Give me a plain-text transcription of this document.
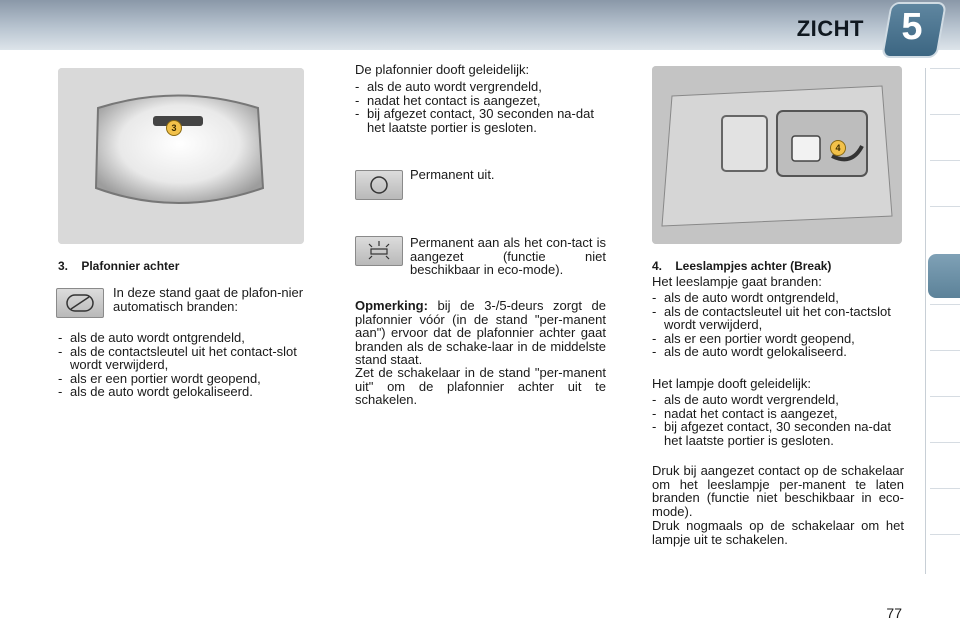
ZICHT 5
3
3.    Plafonnier achter
In deze stand gaat de plafon-nier automatisch branden:
- als de auto wordt ontgrendeld,
- als de contactsleutel uit het contact-slot wordt verwijderd,
- als er een portier wordt geopend,
- als de auto wordt gelokaliseerd.
De plafonnier dooft geleidelijk:
- als de auto wordt vergrendeld,
- nadat het contact is aangezet,
- bij afgezet contact, 30 seconden na-dat het laatste portier is gesloten.
Permanent uit.
Permanent aan als het con-tact is aangezet (functie niet beschikbaar in eco-mode).
Opmerking: bij de 3-/5-deurs zorgt de plafonnier vóór (in de stand "per-manent aan") ervoor dat de plafonnier achter gaat branden als de schake-laar in de middelste stand staat.
Zet de schakelaar in de stand "per-manent uit" om de plafonnier achter uit te schakelen.
4
4.    Leeslampjes achter (Break)
Het leeslampje gaat branden:
- als de auto wordt ontgrendeld,
- als de contactsleutel uit het con-tactslot wordt verwijderd,
- als er een portier wordt geopend,
- als de auto wordt gelokaliseerd.
Het lampje dooft geleidelijk:
- als de auto wordt vergrendeld,
- nadat het contact is aangezet,
- bij afgezet contact, 30 seconden na-dat het laatste portier is gesloten.
Druk bij aangezet contact op de schakelaar om het leeslampje per-manent te laten branden (functie niet beschikbaar in eco-mode).
Druk nogmaals op de schakelaar om het lampje uit te schakelen.
77
